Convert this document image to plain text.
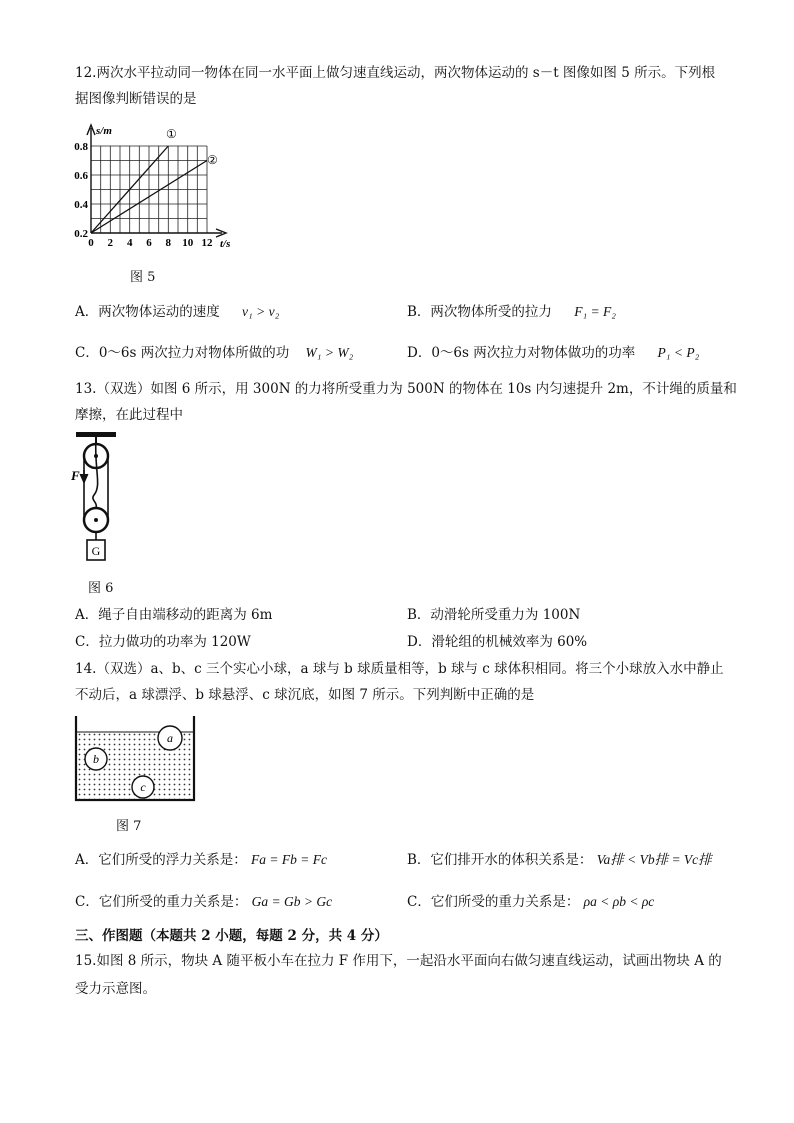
12.两次水平拉动同一物体在同一水平面上做匀速直线运动，两次物体运动的 s－t 图像如图 5 所示。下列根
据图像判断错误的是
s/m
t/s
0.8
0.6
0.4
0.2
0 2 4 6 8 10 12
①
②
图 5
A．两次物体运动的速度 v₁ > v₂	B．两次物体所受的拉力 F₁ = F₂
C．0～6s 两次拉力对物体所做的功 W₁ > W₂	D．0～6s 两次拉力对物体做功的功率 P₁ < P₂
13.（双选）如图 6 所示，用 300N 的力将所受重力为 500N 的物体在 10s 内匀速提升 2m，不计绳的质量和
摩擦，在此过程中
F
G
图 6
A．绳子自由端移动的距离为 6m	B．动滑轮所受重力为 100N
C．拉力做功的功率为 120W	D．滑轮组的机械效率为 60%
14.（双选）a、b、c 三个实心小球，a 球与 b 球质量相等，b 球与 c 球体积相同。将三个小球放入水中静止
不动后，a 球漂浮、b 球悬浮、c 球沉底，如图 7 所示。下列判断中正确的是
a
b
c
图 7
A．它们所受的浮力关系是： Fa = Fb = Fc	B．它们排开水的体积关系是： Va排 < Vb排 = Vc排
C．它们所受的重力关系是： Ga = Gb > Gc	C．它们所受的重力关系是： ρa < ρb < ρc
三、作图题（本题共 2 小题，每题 2 分，共 4 分）
15.如图 8 所示，物块 A 随平板小车在拉力 F 作用下，一起沿水平面向右做匀速直线运动，试画出物块 A 的
受力示意图。
